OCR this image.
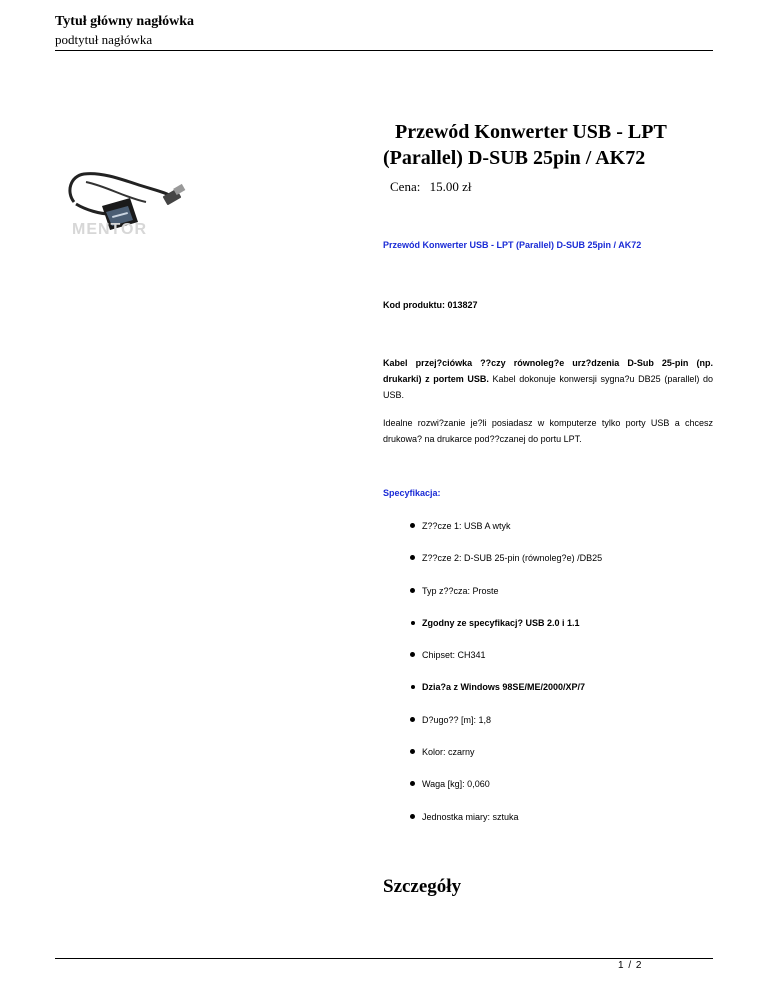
Tytuł główny nagłówka
podtytuł nagłówka
MENTOR
Przewód Konwerter USB - LPT
(Parallel) D-SUB 25pin / AK72
Cena: 15.00 zł
Przewód Konwerter USB - LPT (Parallel) D-SUB 25pin / AK72
Kod produktu: 013827

Kabel przej?ciówka ??czy równoleg?e urz?dzenia D-Sub 25-pin (np. drukarki) z portem USB. Kabel dokonuje konwersji sygna?u DB25 (parallel) do USB.

Idealne rozwi?zanie je?li posiadasz w komputerze tylko porty USB a chcesz drukowa? na drukarce pod??czanej do portu LPT.

Specyfikacja:
Z??cze 1: USB A wtyk
Z??cze 2: D-SUB 25-pin (równoleg?e) /DB25
Typ z??cza: Proste
Zgodny ze specyfikacj? USB 2.0 i 1.1
Chipset: CH341
Dzia?a z Windows 98SE/ME/2000/XP/7
D?ugo?? [m]: 1,8
Kolor: czarny
Waga [kg]: 0,060
Jednostka miary: sztuka
Szczegóły
1 / 2
